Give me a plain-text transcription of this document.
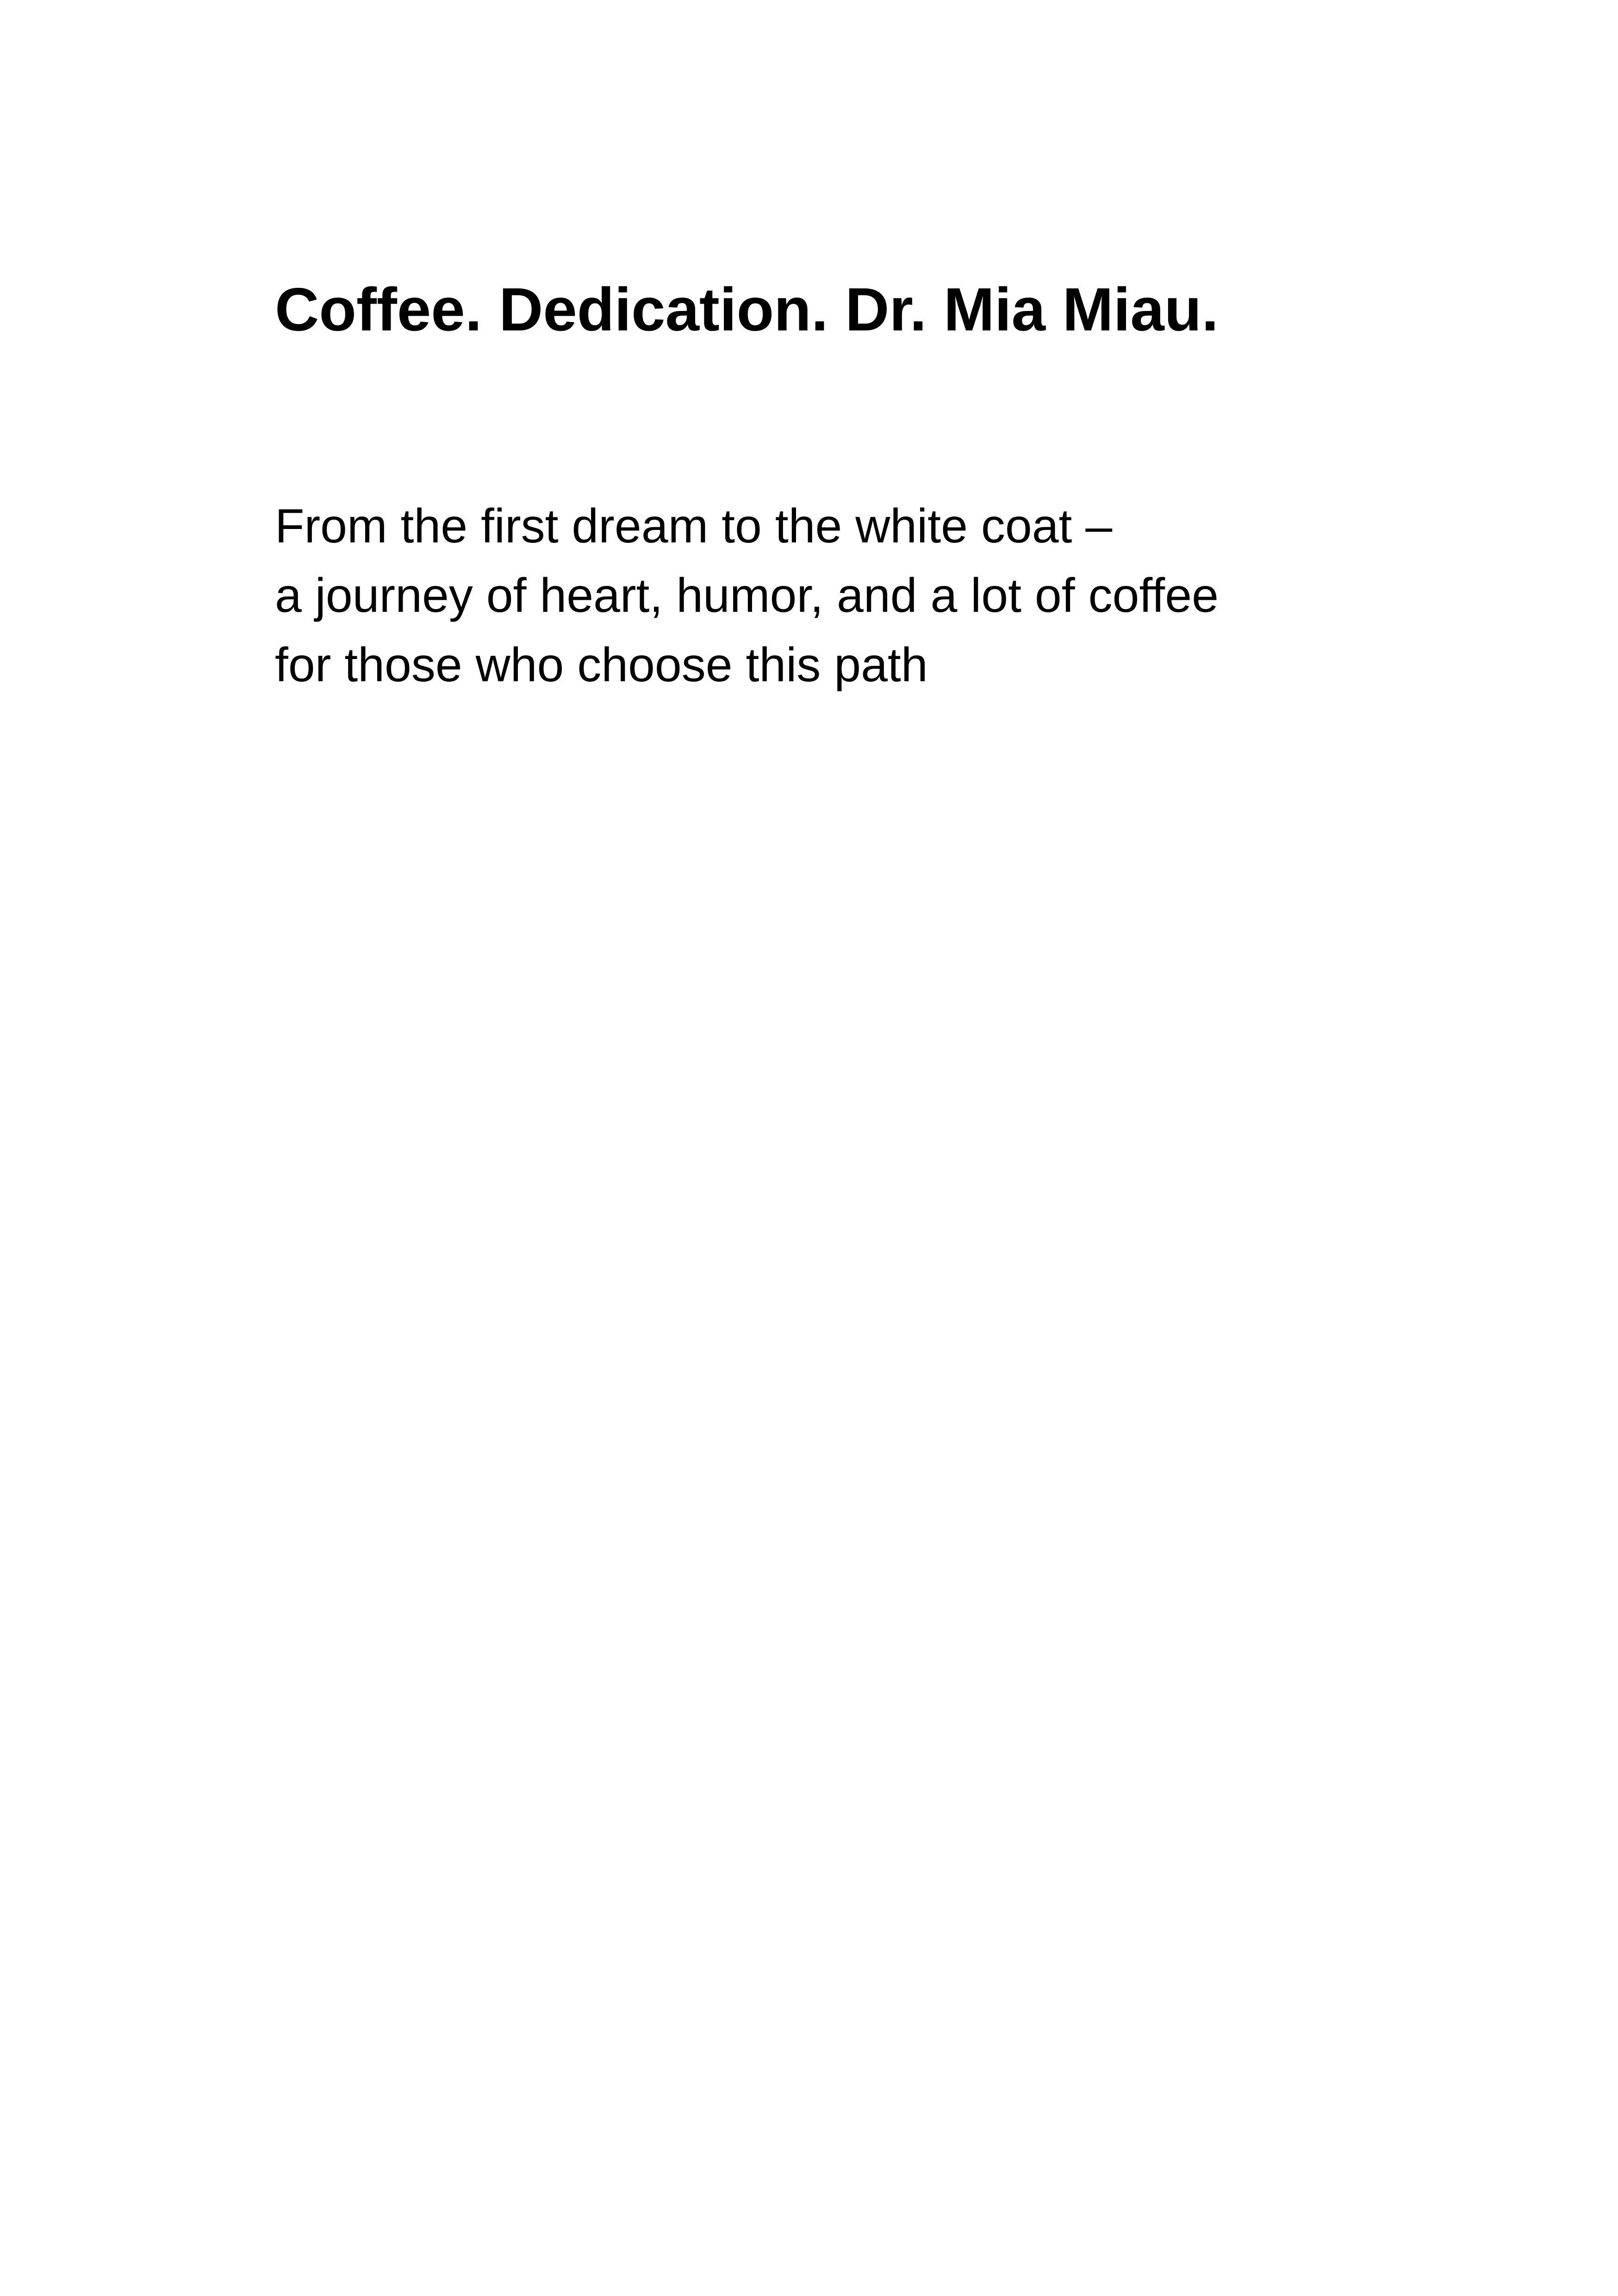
Coffee. Dedication. Dr. Mia Miau.

From the first dream to the white coat –
a journey of heart, humor, and a lot of coffee
for those who choose this path
